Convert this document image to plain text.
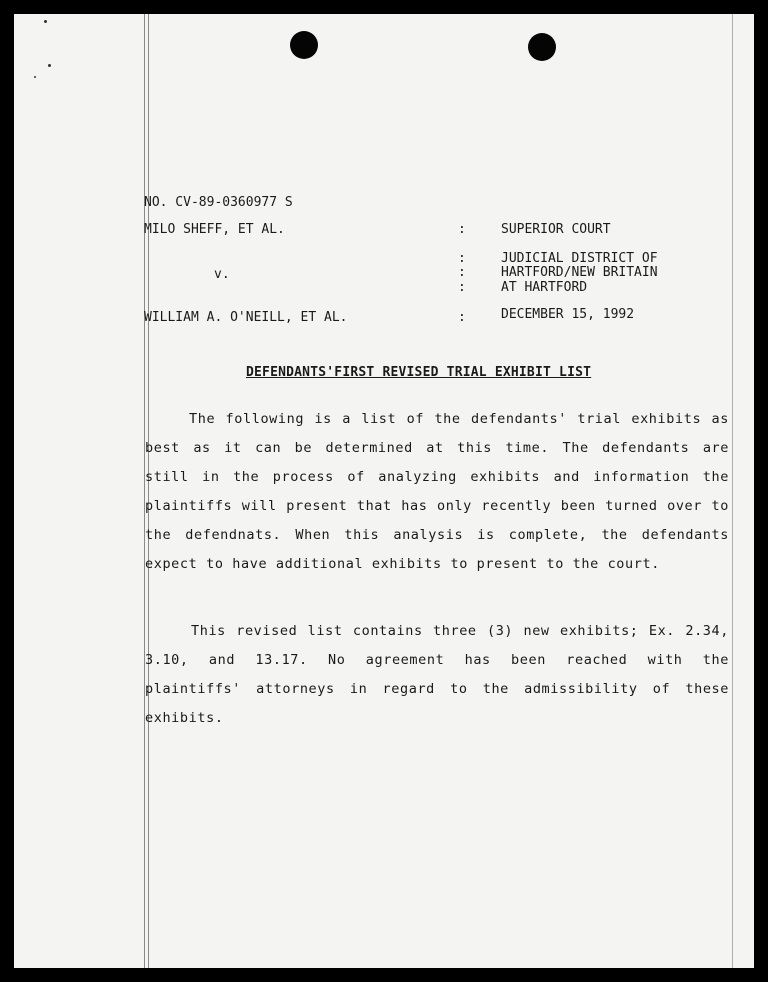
NO. CV-89-0360977 S
MILO SHEFF, ET AL.
v.
WILLIAM A. O'NEILL, ET AL.
:
:
:
:
:
SUPERIOR COURT
JUDICIAL DISTRICT OF
HARTFORD/NEW BRITAIN
AT HARTFORD
DECEMBER 15, 1992
DEFENDANTS'FIRST REVISED TRIAL EXHIBIT LIST

The following is a list of the defendants' trial exhibits as best as it can be determined at this time. The defendants are still in the process of analyzing exhibits and information the plaintiffs will present that has only recently been turned over to the defendnats. When this analysis is complete, the defendants expect to have additional exhibits to present to the court.

This revised list contains three (3) new exhibits; Ex. 2.34, 3.10, and 13.17. No agreement has been reached with the plaintiffs' attorneys in regard to the admissibility of these exhibits.
